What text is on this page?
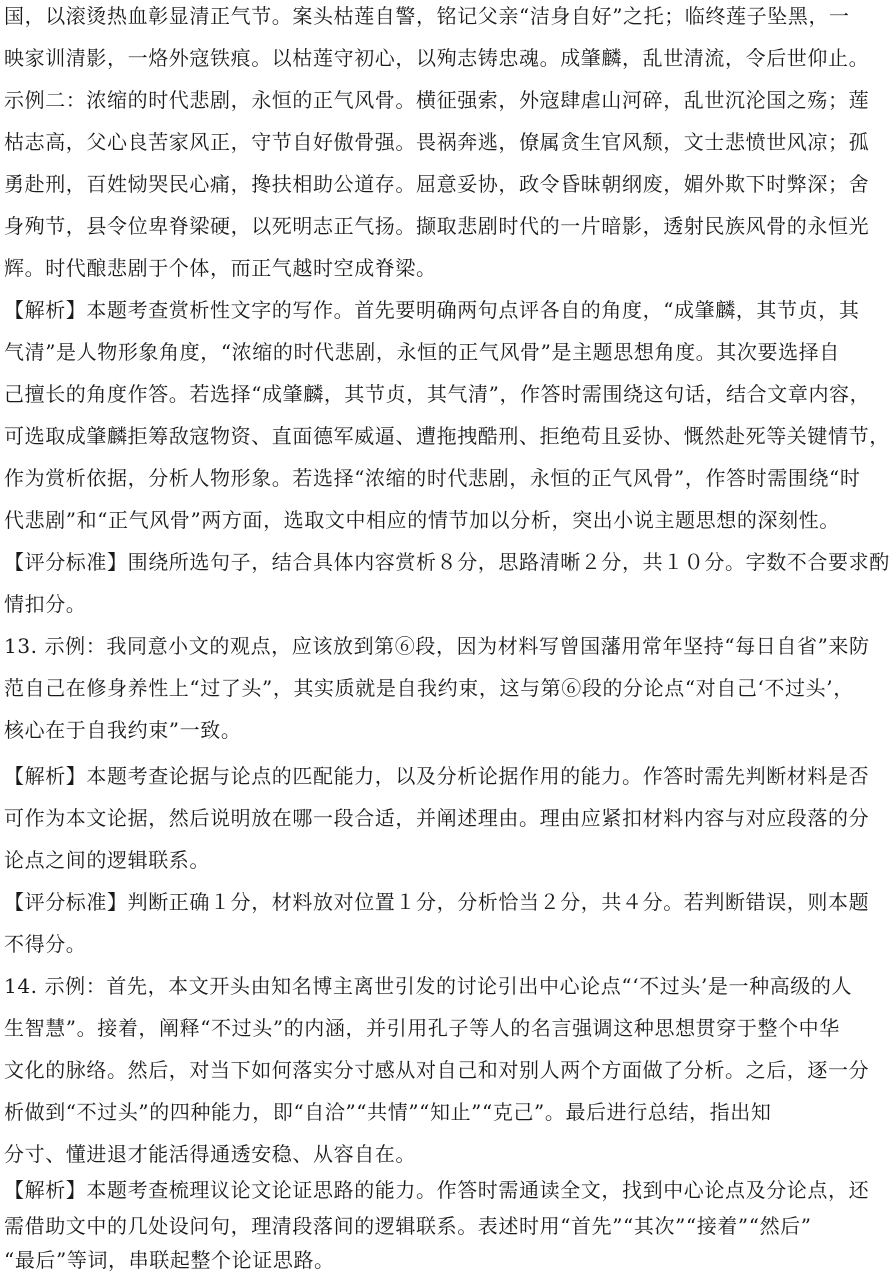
国，以滚烫热血彰显清正气节。案头枯莲自警，铭记父亲“洁身自好”之托；临终莲子坠黑，一
映家训清影，一烙外寇铁痕。以枯莲守初心，以殉志铸忠魂。成肇麟，乱世清流，令后世仰止。
示例二：浓缩的时代悲剧，永恒的正气风骨。横征强索，外寇肆虐山河碎，乱世沉沦国之殇；莲
枯志高，父心良苦家风正，守节自好傲骨强。畏祸奔逃，僚属贪生官风颓，文士悲愤世风凉；孤
勇赴刑，百姓恸哭民心痛，搀扶相助公道存。屈意妥协，政令昏昧朝纲废，媚外欺下时弊深；舍
身殉节，县令位卑脊梁硬，以死明志正气扬。撷取悲剧时代的一片暗影，透射民族风骨的永恒光
辉。时代酿悲剧于个体，而正气越时空成脊梁。
【解析】本题考查赏析性文字的写作。首先要明确两句点评各自的角度，“成肇麟，其节贞，其
气清”是人物形象角度，“浓缩的时代悲剧，永恒的正气风骨”是主题思想角度。其次要选择自
己擅长的角度作答。若选择“成肇麟，其节贞，其气清”，作答时需围绕这句话，结合文章内容，
可选取成肇麟拒筹敌寇物资、直面德军威逼、遭拖拽酷刑、拒绝苟且妥协、慨然赴死等关键情节，
作为赏析依据，分析人物形象。若选择“浓缩的时代悲剧，永恒的正气风骨”，作答时需围绕“时
代悲剧”和“正气风骨”两方面，选取文中相应的情节加以分析，突出小说主题思想的深刻性。
【评分标准】围绕所选句子，结合具体内容赏析８分，思路清晰２分，共１０分。字数不合要求酌
情扣分。
13. 示例：我同意小文的观点，应该放到第⑥段，因为材料写曾国藩用常年坚持“每日自省”来防
范自己在修身养性上“过了头”，其实质就是自我约束，这与第⑥段的分论点“对自己‘不过头’，
核心在于自我约束”一致。
【解析】本题考查论据与论点的匹配能力，以及分析论据作用的能力。作答时需先判断材料是否
可作为本文论据，然后说明放在哪一段合适，并阐述理由。理由应紧扣材料内容与对应段落的分
论点之间的逻辑联系。
【评分标准】判断正确１分，材料放对位置１分，分析恰当２分，共４分。若判断错误，则本题
不得分。
14. 示例：首先，本文开头由知名博主离世引发的讨论引出中心论点“‘不过头’是一种高级的人
生智慧”。接着，阐释“不过头”的内涵，并引用孔子等人的名言强调这种思想贯穿于整个中华
文化的脉络。然后，对当下如何落实分寸感从对自己和对别人两个方面做了分析。之后，逐一分
析做到“不过头”的四种能力，即“自洽”“共情”“知止”“克己”。最后进行总结，指出知
分寸、懂进退才能活得通透安稳、从容自在。
【解析】本题考查梳理议论文论证思路的能力。作答时需通读全文，找到中心论点及分论点，还
需借助文中的几处设问句，理清段落间的逻辑联系。表述时用“首先”“其次”“接着”“然后”
“最后”等词，串联起整个论证思路。
